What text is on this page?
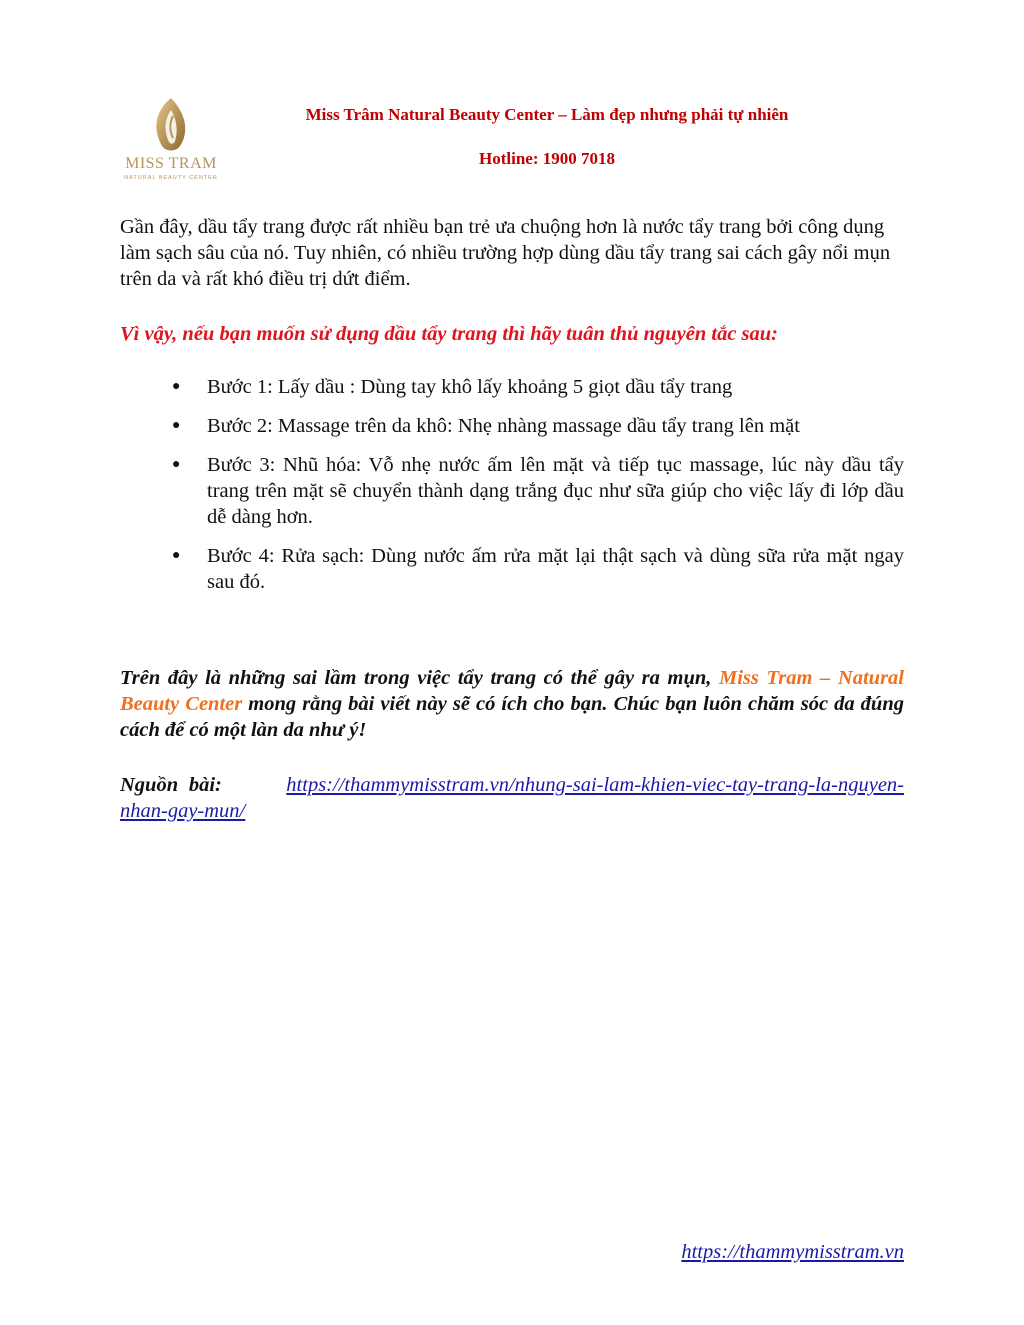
MISS TRAM
NATURAL BEAUTY CENTER
Miss Trâm Natural Beauty Center – Làm đẹp nhưng phải tự nhiên
Hotline: 1900 7018
Gần đây, dầu tẩy trang được rất nhiều bạn trẻ ưa chuộng hơn là nước tẩy trang bởi công dụng làm sạch sâu của nó. Tuy nhiên, có nhiều trường hợp dùng dầu tẩy trang sai cách gây nổi mụn trên da và rất khó điều trị dứt điểm.
Vì vậy, nếu bạn muốn sử dụng dầu tẩy trang thì hãy tuân thủ nguyên tắc sau:
● Bước 1: Lấy dầu : Dùng tay khô lấy khoảng 5 giọt dầu tẩy trang
● Bước 2: Massage trên da khô: Nhẹ nhàng massage dầu tẩy trang lên mặt
● Bước 3: Nhũ hóa: Vỗ nhẹ nước ấm lên mặt và tiếp tục massage, lúc này dầu tẩy trang trên mặt sẽ chuyển thành dạng trắng đục như sữa giúp cho việc lấy đi lớp dầu dễ dàng hơn.
● Bước 4: Rửa sạch: Dùng nước ấm rửa mặt lại thật sạch và dùng sữa rửa mặt ngay sau đó.
Trên đây là những sai lầm trong việc tẩy trang có thể gây ra mụn, Miss Tram – Natural Beauty Center mong rằng bài viết này sẽ có ích cho bạn. Chúc bạn luôn chăm sóc da đúng cách để có một làn da như ý!
Nguồn bài:	https://thammymisstram.vn/nhung-sai-lam-khien-viec-tay-trang-la-nguyen-nhan-gay-mun/
https://thammymisstram.vn
